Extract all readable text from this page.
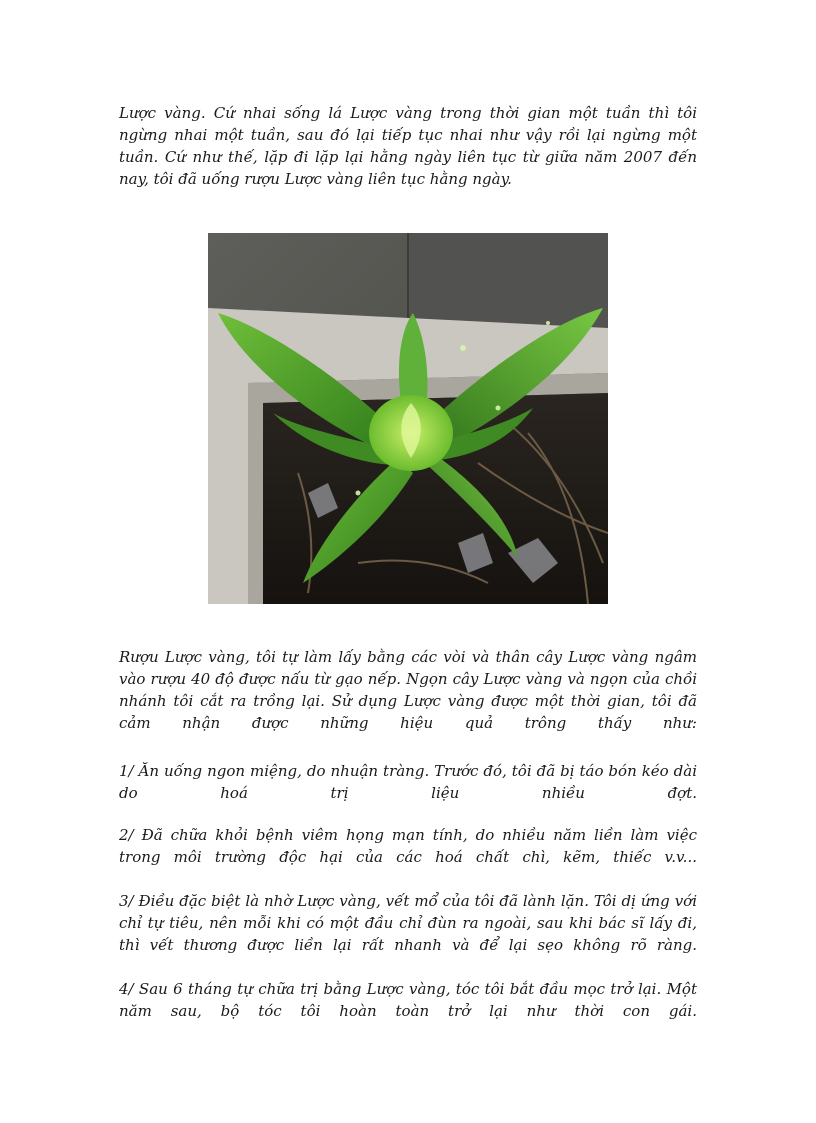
Lược vàng. Cứ nhai sống lá Lược vàng trong thời gian một tuần thì tôi ngừng nhai một tuần, sau đó lại tiếp tục nhai như vậy rồi lại ngừng một tuần. Cứ như thế, lặp đi lặp lại hằng ngày liên tục từ giữa năm 2007 đến nay, tôi đã uống rượu Lược vàng liên tục hằng ngày.

Rượu Lược vàng, tôi tự làm lấy bằng các vòi và thân cây Lược vàng ngâm vào rượu 40 độ được nấu từ gạo nếp. Ngọn cây Lược vàng và ngọn của chồi nhánh tôi cắt ra trồng lại. Sử dụng Lược vàng được một thời gian, tôi đã cảm nhận được những hiệu quả trông thấy như:

1/ Ăn uống ngon miệng, do nhuận tràng. Trước đó, tôi đã bị táo bón kéo dài do hoá trị liệu nhiều đợt.

2/ Đã chữa khỏi bệnh viêm họng mạn tính, do nhiều năm liền làm việc trong môi trường độc hại của các hoá chất chì, kẽm, thiếc v.v...

3/ Điều đặc biệt là nhờ Lược vàng, vết mổ của tôi đã lành lặn. Tôi dị ứng với chỉ tự tiêu, nên mỗi khi có một đầu chỉ đùn ra ngoài, sau khi bác sĩ lấy đi, thì vết thương được liền lại rất nhanh và để lại sẹo không rõ ràng.

4/ Sau 6 tháng tự chữa trị bằng Lược vàng, tóc tôi bắt đầu mọc trở lại. Một năm sau, bộ tóc tôi hoàn toàn trở lại như thời con gái.
